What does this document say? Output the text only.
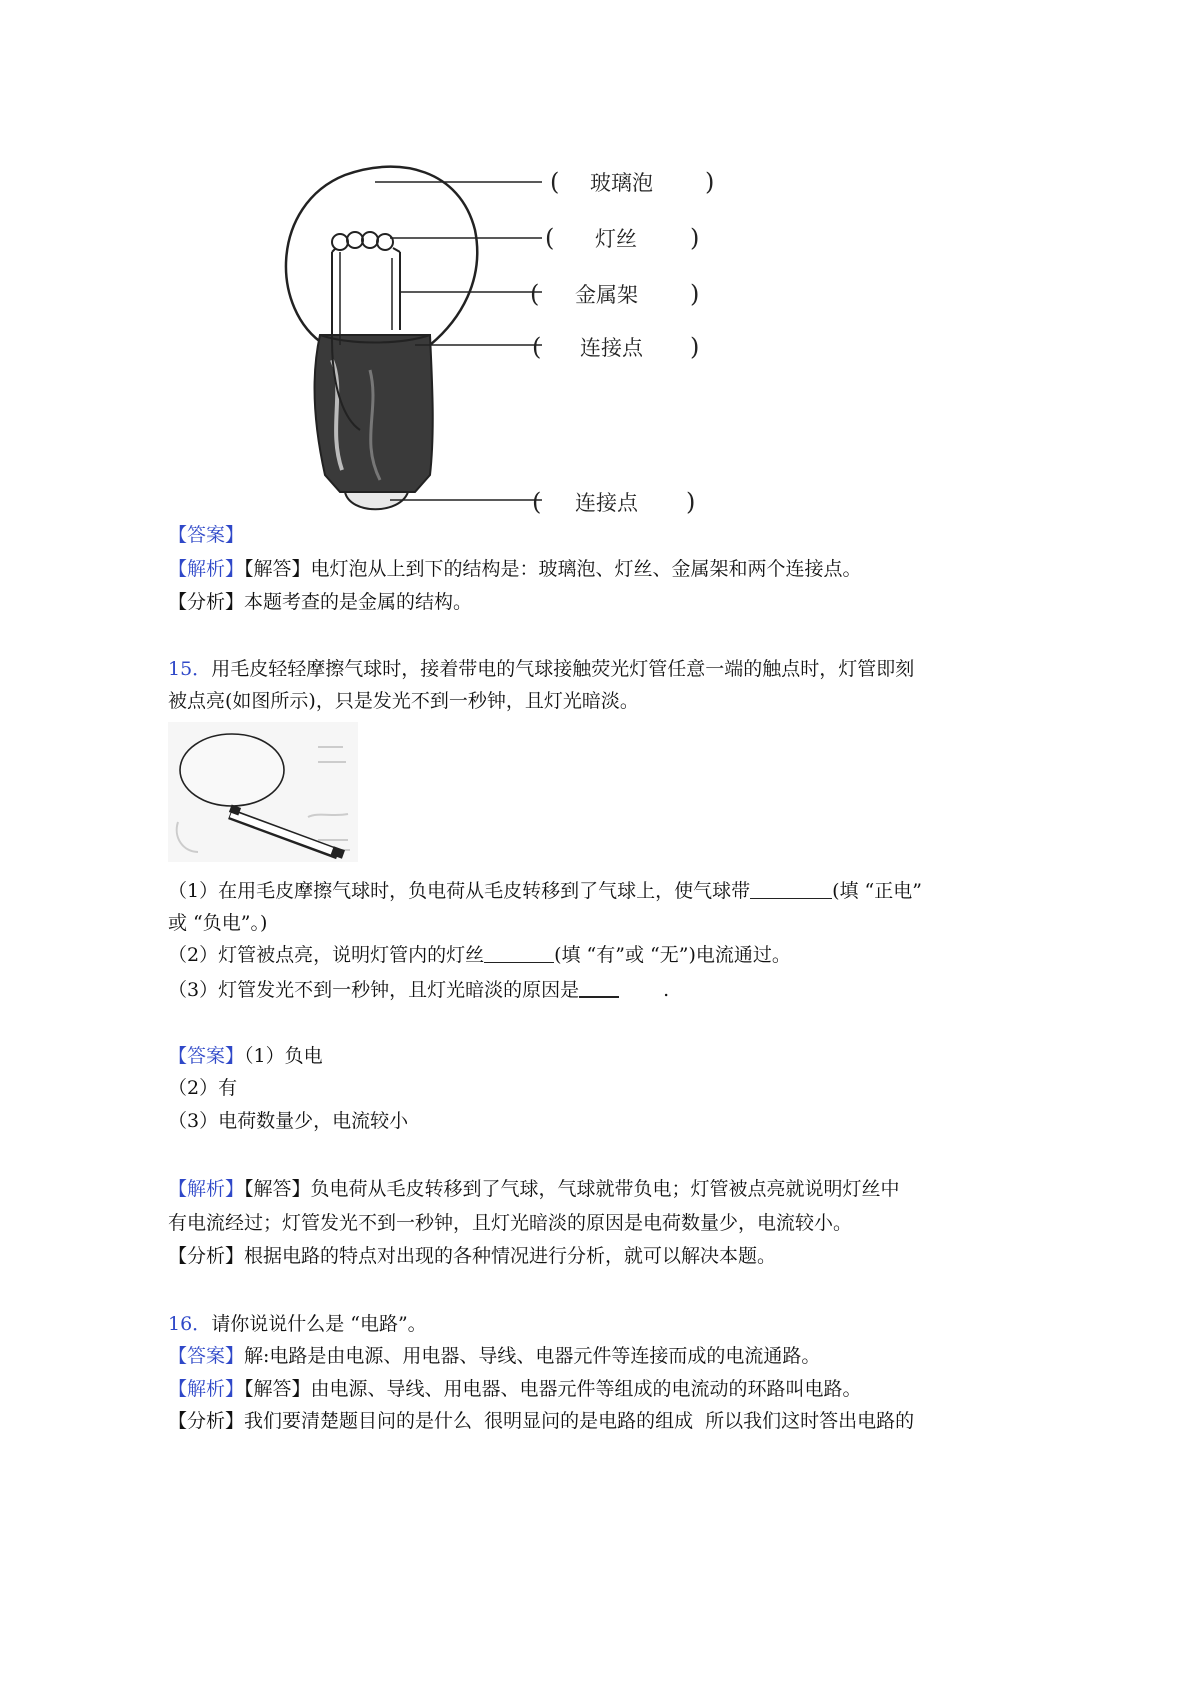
( 玻璃泡 )
( 灯丝 )
( 金属架 )
( 连接点 )
( 连接点 )
【答案】
【解析】【解答】电灯泡从上到下的结构是：玻璃泡、灯丝、金属架和两个连接点。
【分析】本题考查的是金属的结构。
15．用毛皮轻轻摩擦气球时，接着带电的气球接触荧光灯管任意一端的触点时，灯管即刻
被点亮(如图所示)，只是发光不到一秒钟，且灯光暗淡。
（1）在用毛皮摩擦气球时，负电荷从毛皮转移到了气球上，使气球带	(填 “正电”
或 “负电”。)
（2）灯管被点亮，说明灯管内的灯丝	(填 “有”或 “无”)电流通过。
（3）灯管发光不到一秒钟，且灯光暗淡的原因是	.
【答案】（1）负电
（2）有
（3）电荷数量少，电流较小
【解析】【解答】负电荷从毛皮转移到了气球，气球就带负电；灯管被点亮就说明灯丝中
有电流经过；灯管发光不到一秒钟，且灯光暗淡的原因是电荷数量少，电流较小。
【分析】根据电路的特点对出现的各种情况进行分析，就可以解决本题。
16．请你说说什么是 “电路”。
【答案】解:电路是由电源、用电器、导线、电器元件等连接而成的电流通路。
【解析】【解答】由电源、导线、用电器、电器元件等组成的电流动的环路叫电路。
【分析】我们要清楚题目问的是什么  很明显问的是电路的组成  所以我们这时答出电路的
